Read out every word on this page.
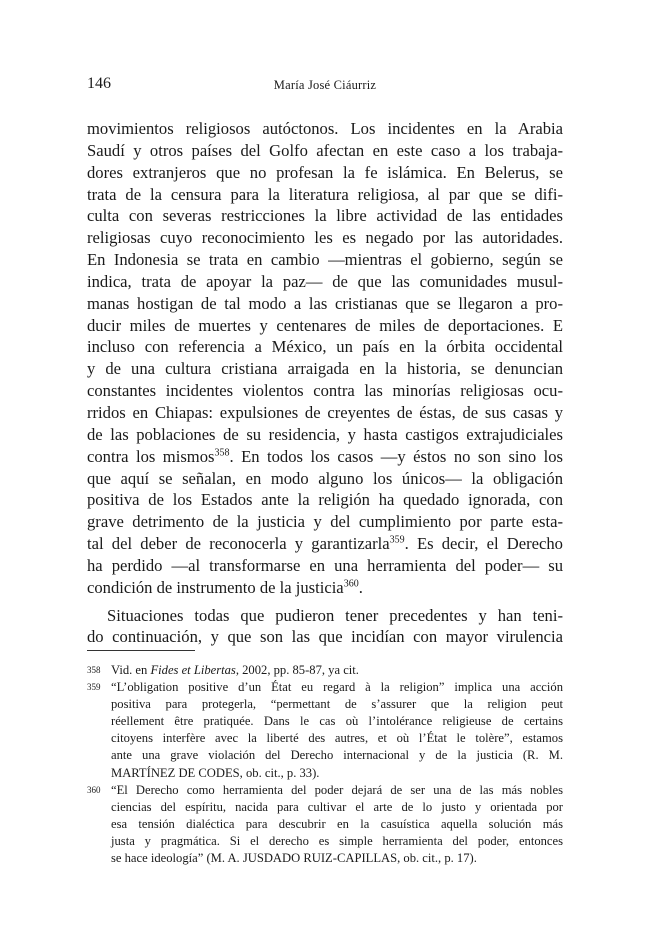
146	María José Ciáurriz

movimientos religiosos autóctonos. Los incidentes en la Arabia
Saudí y otros países del Golfo afectan en este caso a los trabaja-
dores extranjeros que no profesan la fe islámica. En Belerus, se
trata de la censura para la literatura religiosa, al par que se difi-
culta con severas restricciones la libre actividad de las entidades
religiosas cuyo reconocimiento les es negado por las autoridades.
En Indonesia se trata en cambio —mientras el gobierno, según se
indica, trata de apoyar la paz— de que las comunidades musul-
manas hostigan de tal modo a las cristianas que se llegaron a pro-
ducir miles de muertes y centenares de miles de deportaciones. E
incluso con referencia a México, un país en la órbita occidental
y de una cultura cristiana arraigada en la historia, se denuncian
constantes incidentes violentos contra las minorías religiosas ocu-
rridos en Chiapas: expulsiones de creyentes de éstas, de sus casas y
de las poblaciones de su residencia, y hasta castigos extrajudiciales
contra los mismos$^{358}$. En todos los casos —y éstos no son sino los
que aquí se señalan, en modo alguno los únicos— la obligación
positiva de los Estados ante la religión ha quedado ignorada, con
grave detrimento de la justicia y del cumplimiento por parte esta-
tal del deber de reconocerla y garantizarla$^{359}$. Es decir, el Derecho
ha perdido —al transformarse en una herramienta del poder— su
condición de instrumento de la justicia$^{360}$.

Situaciones todas que pudieron tener precedentes y han teni-
do continuación, y que son las que incidían con mayor virulencia

358 Vid. en Fides et Libertas, 2002, pp. 85-87, ya cit.
359 “L’obligation positive d’un État eu regard à la religion” implica una acción
positiva para protegerla, “permettant de s’assurer que la religion peut
réellement être pratiquée. Dans le cas où l’intolérance religieuse de certains
citoyens interfère avec la liberté des autres, et où l’État le tolère”, estamos
ante una grave violación del Derecho internacional y de la justicia (R. M.
MARTÍNEZ DE CODES, ob. cit., p. 33).
360 “El Derecho como herramienta del poder dejará de ser una de las más nobles
ciencias del espíritu, nacida para cultivar el arte de lo justo y orientada por
esa tensión dialéctica para descubrir en la casuística aquella solución más
justa y pragmática. Si el derecho es simple herramienta del poder, entonces
se hace ideología” (M. A. JUSDADO RUIZ-CAPILLAS, ob. cit., p. 17).
